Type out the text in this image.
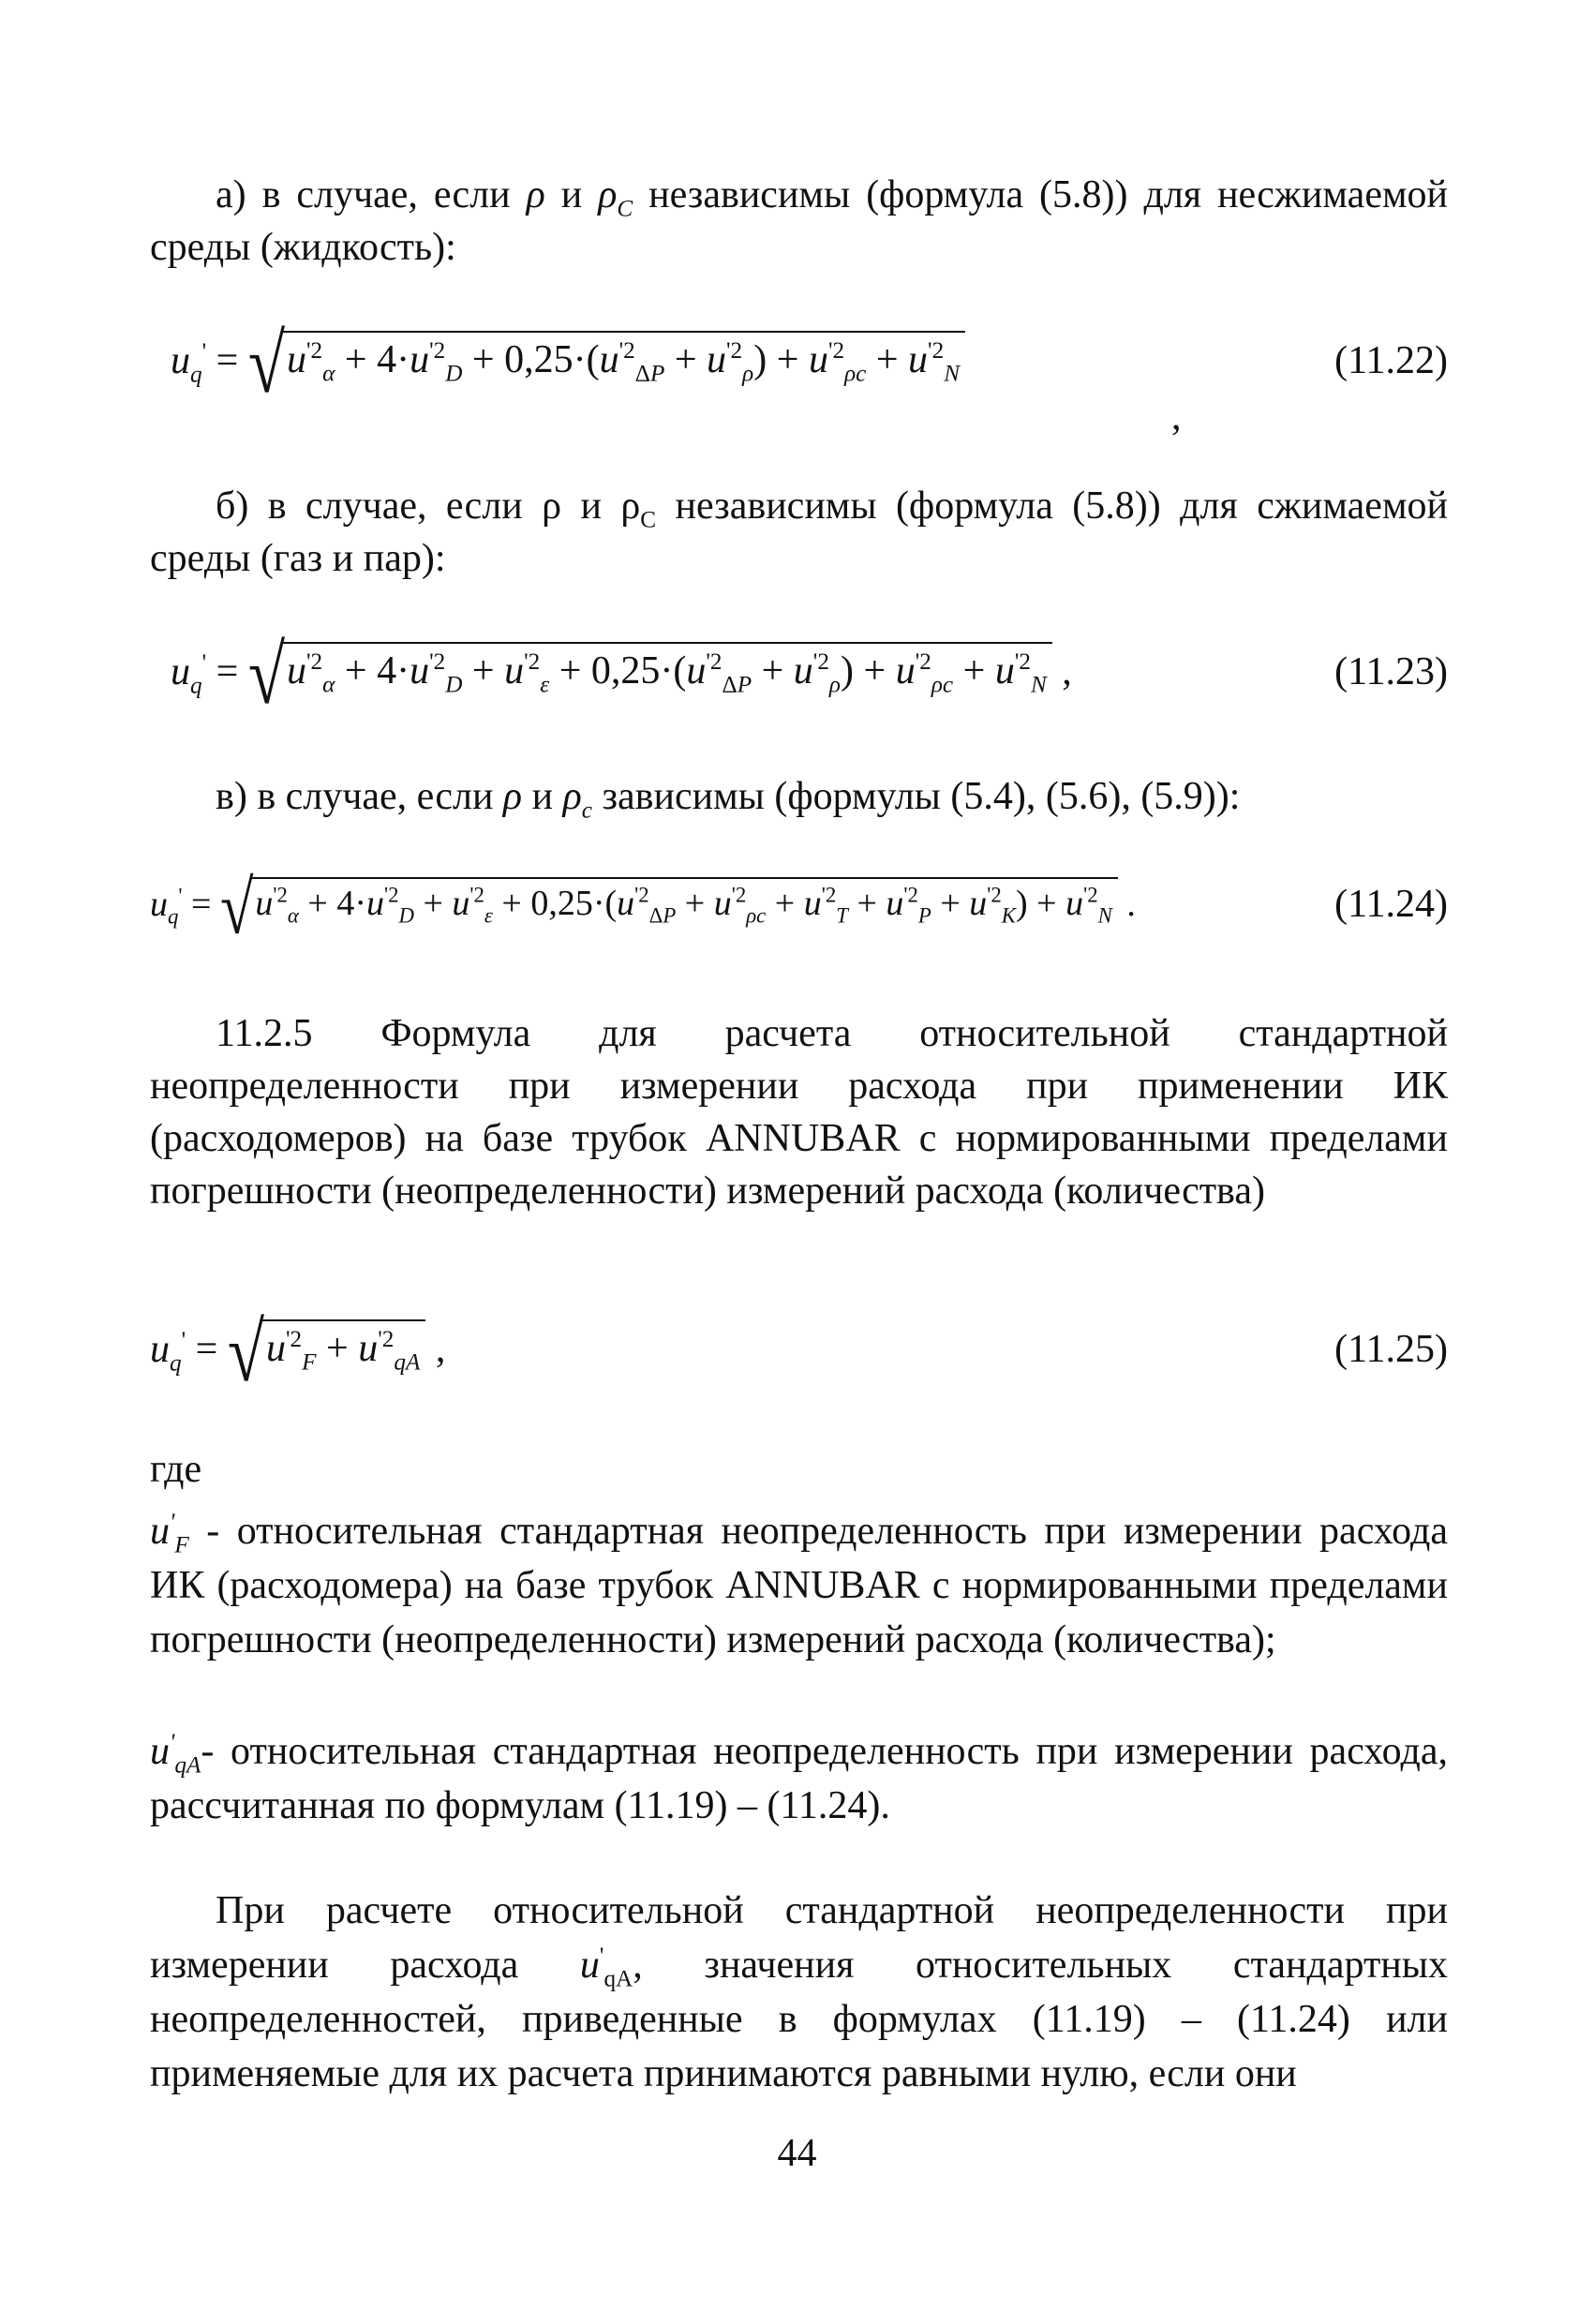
а) в случае, если ρ и $\rho_C$ независимы (формула (5.8)) для несжимаемой среды (жидкость):
$u_q'$ = √ $u^{'2}_\alpha + 4\cdot u^{'2}_D + 0,25\cdot(u^{'2}_{\Delta P} + u^{'2}_\rho) + u^{'2}_{\rho c} + u^{'2}_N$	(11.22)
,
б) в случае, если ρ и $\rho_C$ независимы (формула (5.8)) для сжимаемой среды (газ и пар):
$u_q'$ = √ $u^{'2}_\alpha + 4\cdot u^{'2}_D + u^{'2}_\varepsilon + 0,25\cdot(u^{'2}_{\Delta P} + u^{'2}_\rho) + u^{'2}_{\rho c} + u^{'2}_N$ ,	(11.23)
в) в случае, если ρ и $\rho_c$ зависимы (формулы (5.4), (5.6), (5.9)):
$u_q'$ = √ $u^{'2}_\alpha + 4\cdot u^{'2}_D + u^{'2}_\varepsilon + 0,25\cdot(u^{'2}_{\Delta P} + u^{'2}_{\rho c} + u^{'2}_T + u^{'2}_P + u^{'2}_K) + u^{'2}_N$ .	(11.24)
11.2.5 Формула для расчета относительной стандартной неопределенности при измерении расхода при применении ИК (расходомеров) на базе трубок ANNUBAR с нормированными пределами погрешности (неопределенности) измерений расхода (количества)
$u_q'$ = √ $u^{'2}_F + u^{'2}_{qA}$ ,	(11.25)
где
$u'_F$ - относительная стандартная неопределенность при измерении расхода ИК (расходомера) на базе трубок ANNUBAR с нормированными пределами погрешности (неопределенности) измерений расхода (количества);
$u'_{qA}-$ относительная стандартная неопределенность при измерении расхода, рассчитанная по формулам (11.19) – (11.24).
При расчете относительной стандартной неопределенности при измерении расхода $u'_{qA}$, значения относительных стандартных неопределенностей, приведенные в формулах (11.19) – (11.24) или применяемые для их расчета принимаются равными нулю, если они
44
